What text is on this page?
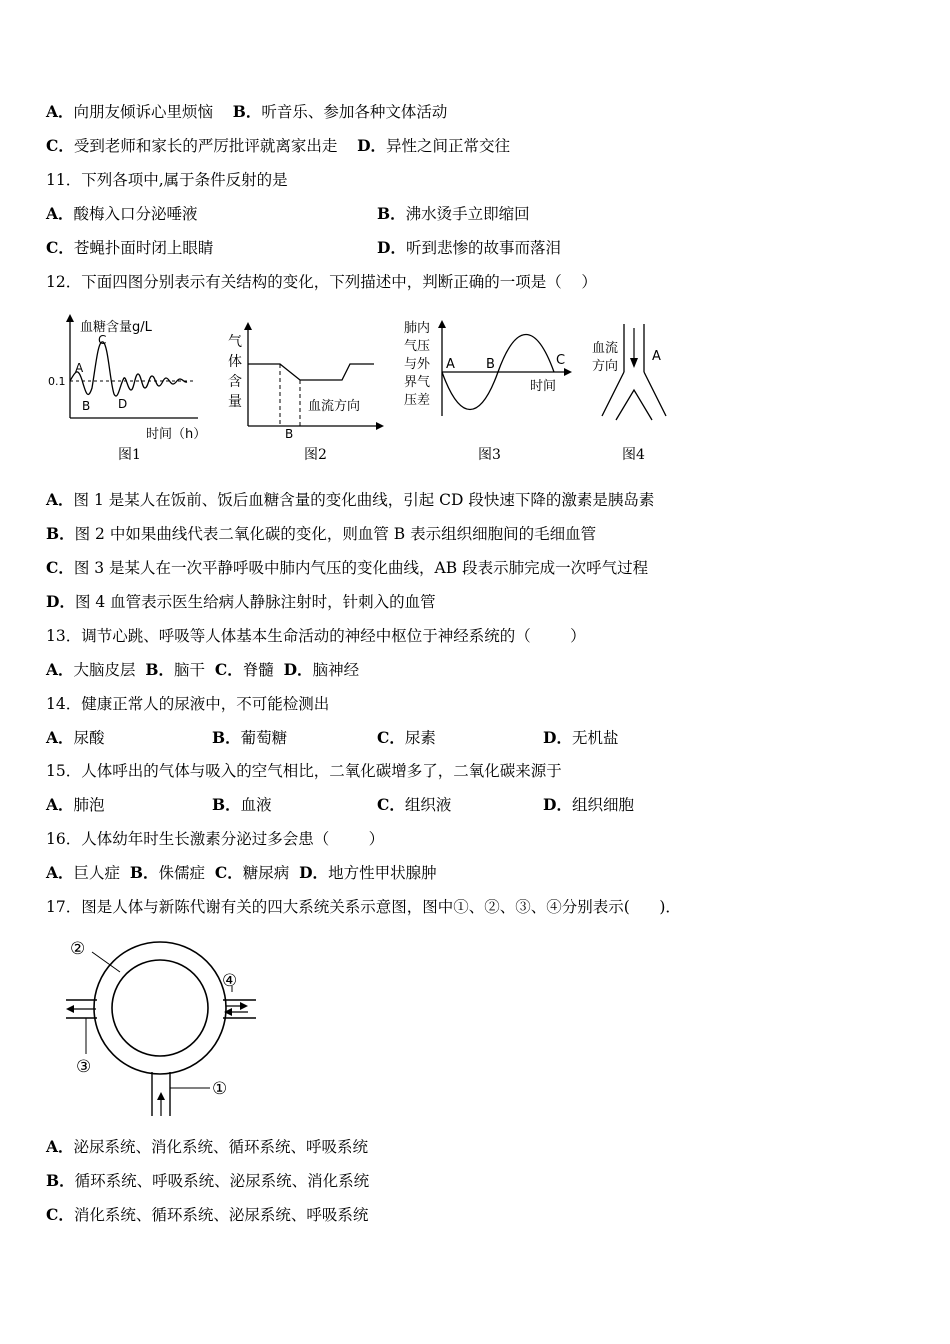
A．向朋友倾诉心里烦恼 B．听音乐、参加各种文体活动
C．受到老师和家长的严厉批评就离家出走 D．异性之间正常交往
11．下列各项中,属于条件反射的是
A．酸梅入口分泌唾液	B．沸水烫手立即缩回
C．苍蝇扑面时闭上眼睛	D．听到悲惨的故事而落泪
12．下面四图分别表示有关结构的变化，下列描述中，判断正确的一项是（    ）
血糖含量g/L
0.1
A
C
B D
时间（h）
图1
气
体
含
量	血流方向
B
图2
肺内
气压
与外
界气
压差
A B	C
时间
图3
血流
方向
A
图4
A．图 1 是某人在饭前、饭后血糖含量的变化曲线，引起 CD 段快速下降的激素是胰岛素
B．图 2 中如果曲线代表二氧化碳的变化，则血管 B 表示组织细胞间的毛细血管
C．图 3 是某人在一次平静呼吸中肺内气压的变化曲线，AB 段表示肺完成一次呼气过程
D．图 4 血管表示医生给病人静脉注射时，针刺入的血管
13．调节心跳、呼吸等人体基本生命活动的神经中枢位于神经系统的（        ）
A．大脑皮层 B．脑干 C．脊髓 D．脑神经
14．健康正常人的尿液中，不可能检测出
A．尿酸	B．葡萄糖	C．尿素	D．无机盐
15．人体呼出的气体与吸入的空气相比，二氧化碳增多了，二氧化碳来源于
A．肺泡	B．血液	C．组织液	D．组织细胞
16．人体幼年时生长激素分泌过多会患（        ）
A．巨人症 B．侏儒症 C．糖尿病 D．地方性甲状腺肿
17．图是人体与新陈代谢有关的四大系统关系示意图，图中①、②、③、④分别表示(      )．
②
③
④
①
A．泌尿系统、消化系统、循环系统、呼吸系统
B．循环系统、呼吸系统、泌尿系统、消化系统
C．消化系统、循环系统、泌尿系统、呼吸系统
